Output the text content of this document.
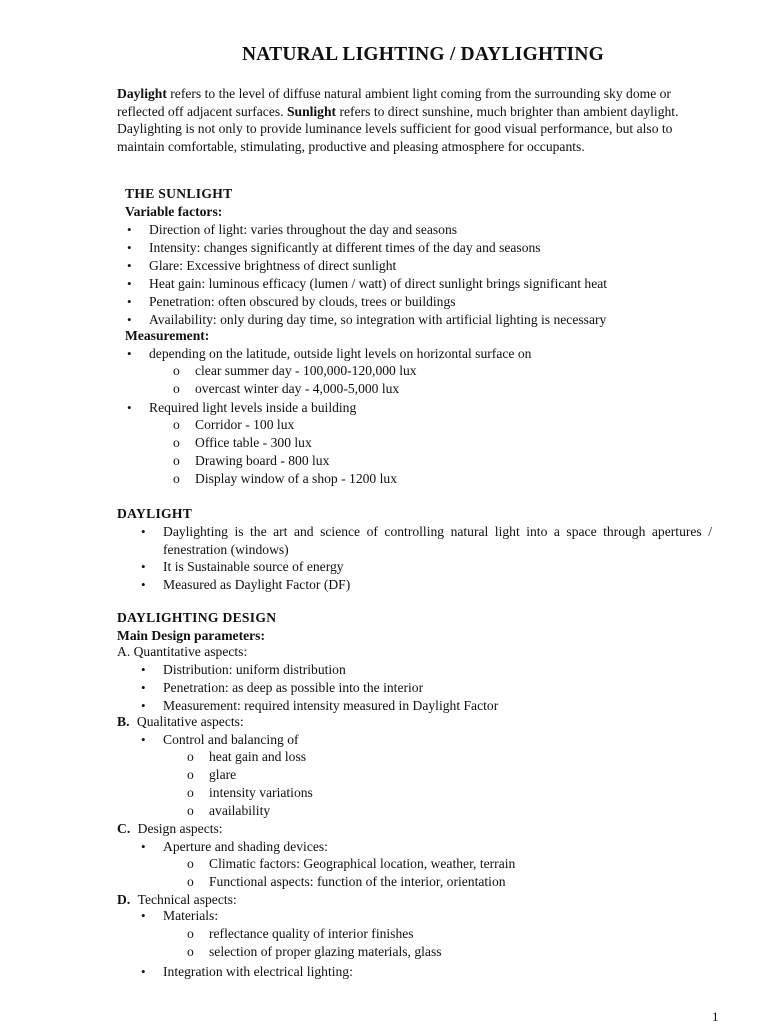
NATURAL LIGHTING / DAYLIGHTING

Daylight refers to the level of diffuse natural ambient light coming from the surrounding sky dome or reflected off adjacent surfaces. Sunlight refers to direct sunshine, much brighter than ambient daylight. Daylighting is not only to provide luminance levels sufficient for good visual performance, but also to maintain comfortable, stimulating, productive and pleasing atmosphere for occupants.

THE SUNLIGHT
Variable factors:
• Direction of light: varies throughout the day and seasons
• Intensity: changes significantly at different times of the day and seasons
• Glare: Excessive brightness of direct sunlight
• Heat gain: luminous efficacy (lumen / watt) of direct sunlight brings significant heat
• Penetration: often obscured by clouds, trees or buildings
• Availability: only during day time, so integration with artificial lighting is necessary
Measurement:
• depending on the latitude, outside light levels on horizontal surface on
o clear summer day - 100,000-120,000 lux
o overcast winter day - 4,000-5,000 lux
• Required light levels inside a building
o Corridor - 100 lux
o Office table - 300 lux
o Drawing board - 800 lux
o Display window of a shop - 1200 lux
DAYLIGHT
• Daylighting is the art and science of controlling natural light into a space through apertures / fenestration (windows)
• It is Sustainable source of energy
• Measured as Daylight Factor (DF)
DAYLIGHTING DESIGN
Main Design parameters:
A. Quantitative aspects:
• Distribution: uniform distribution
• Penetration: as deep as possible into the interior
• Measurement: required intensity measured in Daylight Factor
B. Qualitative aspects:
• Control and balancing of
o heat gain and loss
o glare
o intensity variations
o availability
C. Design aspects:
• Aperture and shading devices:
o Climatic factors: Geographical location, weather, terrain
o Functional aspects: function of the interior, orientation
D. Technical aspects:
• Materials:
o reflectance quality of interior finishes
o selection of proper glazing materials, glass
• Integration with electrical lighting:
1
